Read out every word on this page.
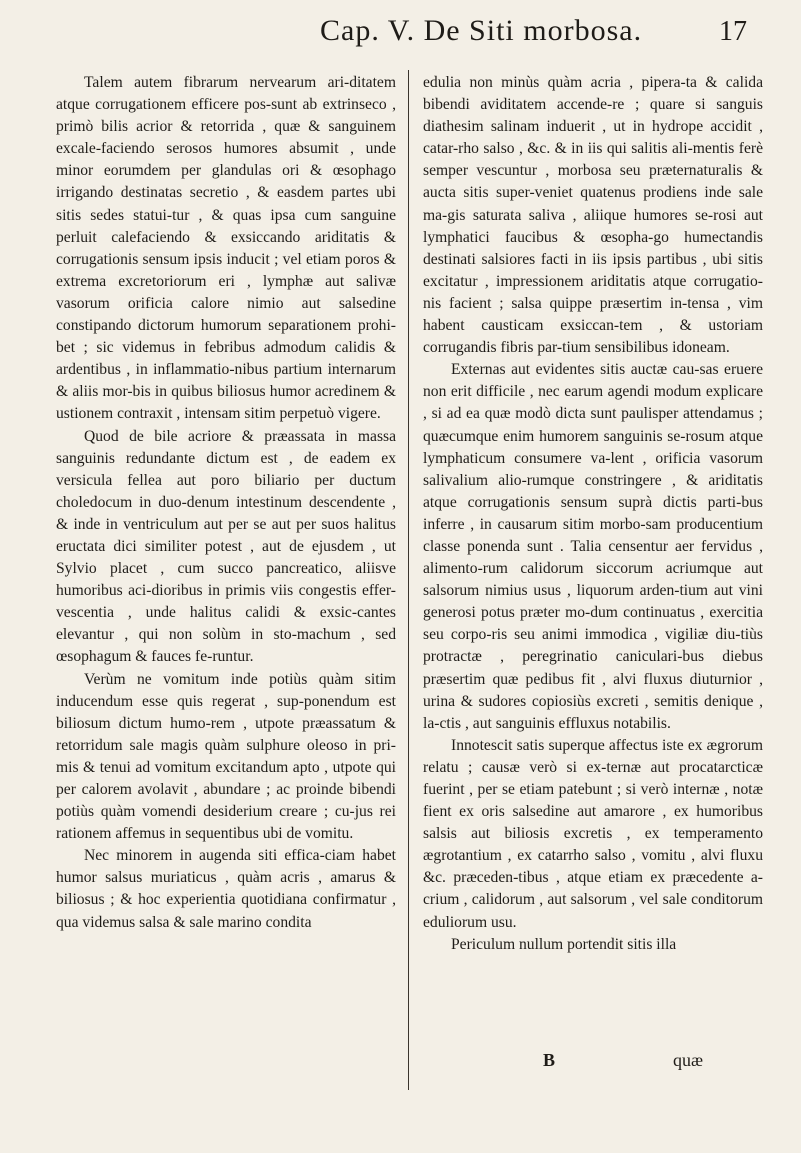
Cap. V. De Siti morbosa.	17

Talem autem fibrarum nervearum ari-ditatem atque corrugationem efficere pos-sunt ab extrinseco , primò bilis acrior & retorrida , quæ & sanguinem excale-faciendo serosos humores absumit , unde minor eorumdem per glandulas ori & œsophago irrigando destinatas secretio , & easdem partes ubi sitis sedes statui-tur , & quas ipsa cum sanguine perluit calefaciendo & exsiccando ariditatis & corrugationis sensum ipsis inducit ; vel etiam poros & extrema excretoriorum eri , lymphæ aut salivæ vasorum orificia calore nimio aut salsedine constipando dictorum humorum separationem prohi-bet ; sic videmus in febribus admodum calidis & ardentibus , in inflammatio-nibus partium internarum & aliis mor-bis in quibus biliosus humor acredinem & ustionem contraxit , intensam sitim perpetuò vigere.

Quod de bile acriore & præassata in massa sanguinis redundante dictum est , de eadem ex versicula fellea aut poro biliario per ductum choledocum in duo-denum intestinum descendente , & inde in ventriculum aut per se aut per suos halitus eructata dici similiter potest , aut de ejusdem , ut Sylvio placet , cum succo pancreatico, aliisve humoribus aci-dioribus in primis viis congestis effer-vescentia , unde halitus calidi & exsic-cantes elevantur , qui non solùm in sto-machum , sed œsophagum & fauces fe-runtur.

Verùm ne vomitum inde potiùs quàm sitim inducendum esse quis regerat , sup-ponendum est biliosum dictum humo-rem , utpote præassatum & retorridum sale magis quàm sulphure oleoso in pri-mis & tenui ad vomitum excitandum apto , utpote qui per calorem avolavit , abundare ; ac proinde bibendi potiùs quàm vomendi desiderium creare ; cu-jus rei rationem affemus in sequentibus ubi de vomitu.

Nec minorem in augenda siti effica-ciam habet humor salsus muriaticus , quàm acris , amarus & biliosus ; & hoc experientia quotidiana confirmatur , qua videmus salsa & sale marino condita

edulia non minùs quàm acria , pipera-ta & calida bibendi aviditatem accende-re ; quare si sanguis diathesim salinam induerit , ut in hydrope accidit , catar-rho salso , &c. & in iis qui salitis ali-mentis ferè semper vescuntur , morbosa seu præternaturalis & aucta sitis super-veniet quatenus prodiens inde sale ma-gis saturata saliva , aliique humores se-rosi aut lymphatici faucibus & œsopha-go humectandis destinati salsiores facti in iis ipsis partibus , ubi sitis excitatur , impressionem ariditatis atque corrugatio-nis facient ; salsa quippe præsertim in-tensa , vim habent causticam exsiccan-tem , & ustoriam corrugandis fibris par-tium sensibilibus idoneam.

Externas aut evidentes sitis auctæ cau-sas eruere non erit difficile , nec earum agendi modum explicare , si ad ea quæ modò dicta sunt paulisper attendamus ; quæcumque enim humorem sanguinis se-rosum atque lymphaticum consumere va-lent , orificia vasorum salivalium alio-rumque constringere , & ariditatis atque corrugationis sensum suprà dictis parti-bus inferre , in causarum sitim morbo-sam producentium classe ponenda sunt . Talia censentur aer fervidus , alimento-rum calidorum siccorum acriumque aut salsorum nimius usus , liquorum arden-tium aut vini generosi potus præter mo-dum continuatus , exercitia seu corpo-ris seu animi immodica , vigiliæ diu-tiùs protractæ , peregrinatio caniculari-bus diebus præsertim quæ pedibus fit , alvi fluxus diuturnior , urina & sudores copiosiùs excreti , semitis denique , la-ctis , aut sanguinis effluxus notabilis.

Innotescit satis superque affectus iste ex ægrorum relatu ; causæ verò si ex-ternæ aut procatarcticæ fuerint , per se etiam patebunt ; si verò internæ , notæ fient ex oris salsedine aut amarore , ex humoribus salsis aut biliosis excretis , ex temperamento ægrotantium , ex catarrho salso , vomitu , alvi fluxu &c. præceden-tibus , atque etiam ex præcedente a-crium , calidorum , aut salsorum , vel sale conditorum eduliorum usu.

Periculum nullum portendit sitis illa

B	quæ
